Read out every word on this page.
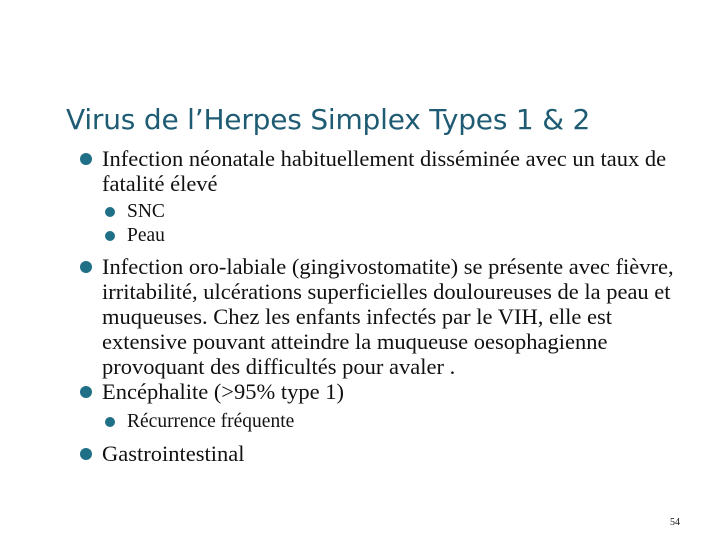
Virus de l’Herpes Simplex Types 1 & 2
Infection néonatale habituellement disséminée avec un taux de fatalité élevé
SNC
Peau
Infection oro-labiale (gingivostomatite) se présente avec fièvre, irritabilité, ulcérations superficielles douloureuses de la peau et muqueuses. Chez les enfants infectés par le VIH, elle est extensive pouvant atteindre la muqueuse oesophagienne provoquant des difficultés pour avaler .
Encéphalite (>95% type 1)
Récurrence fréquente
Gastrointestinal
54
